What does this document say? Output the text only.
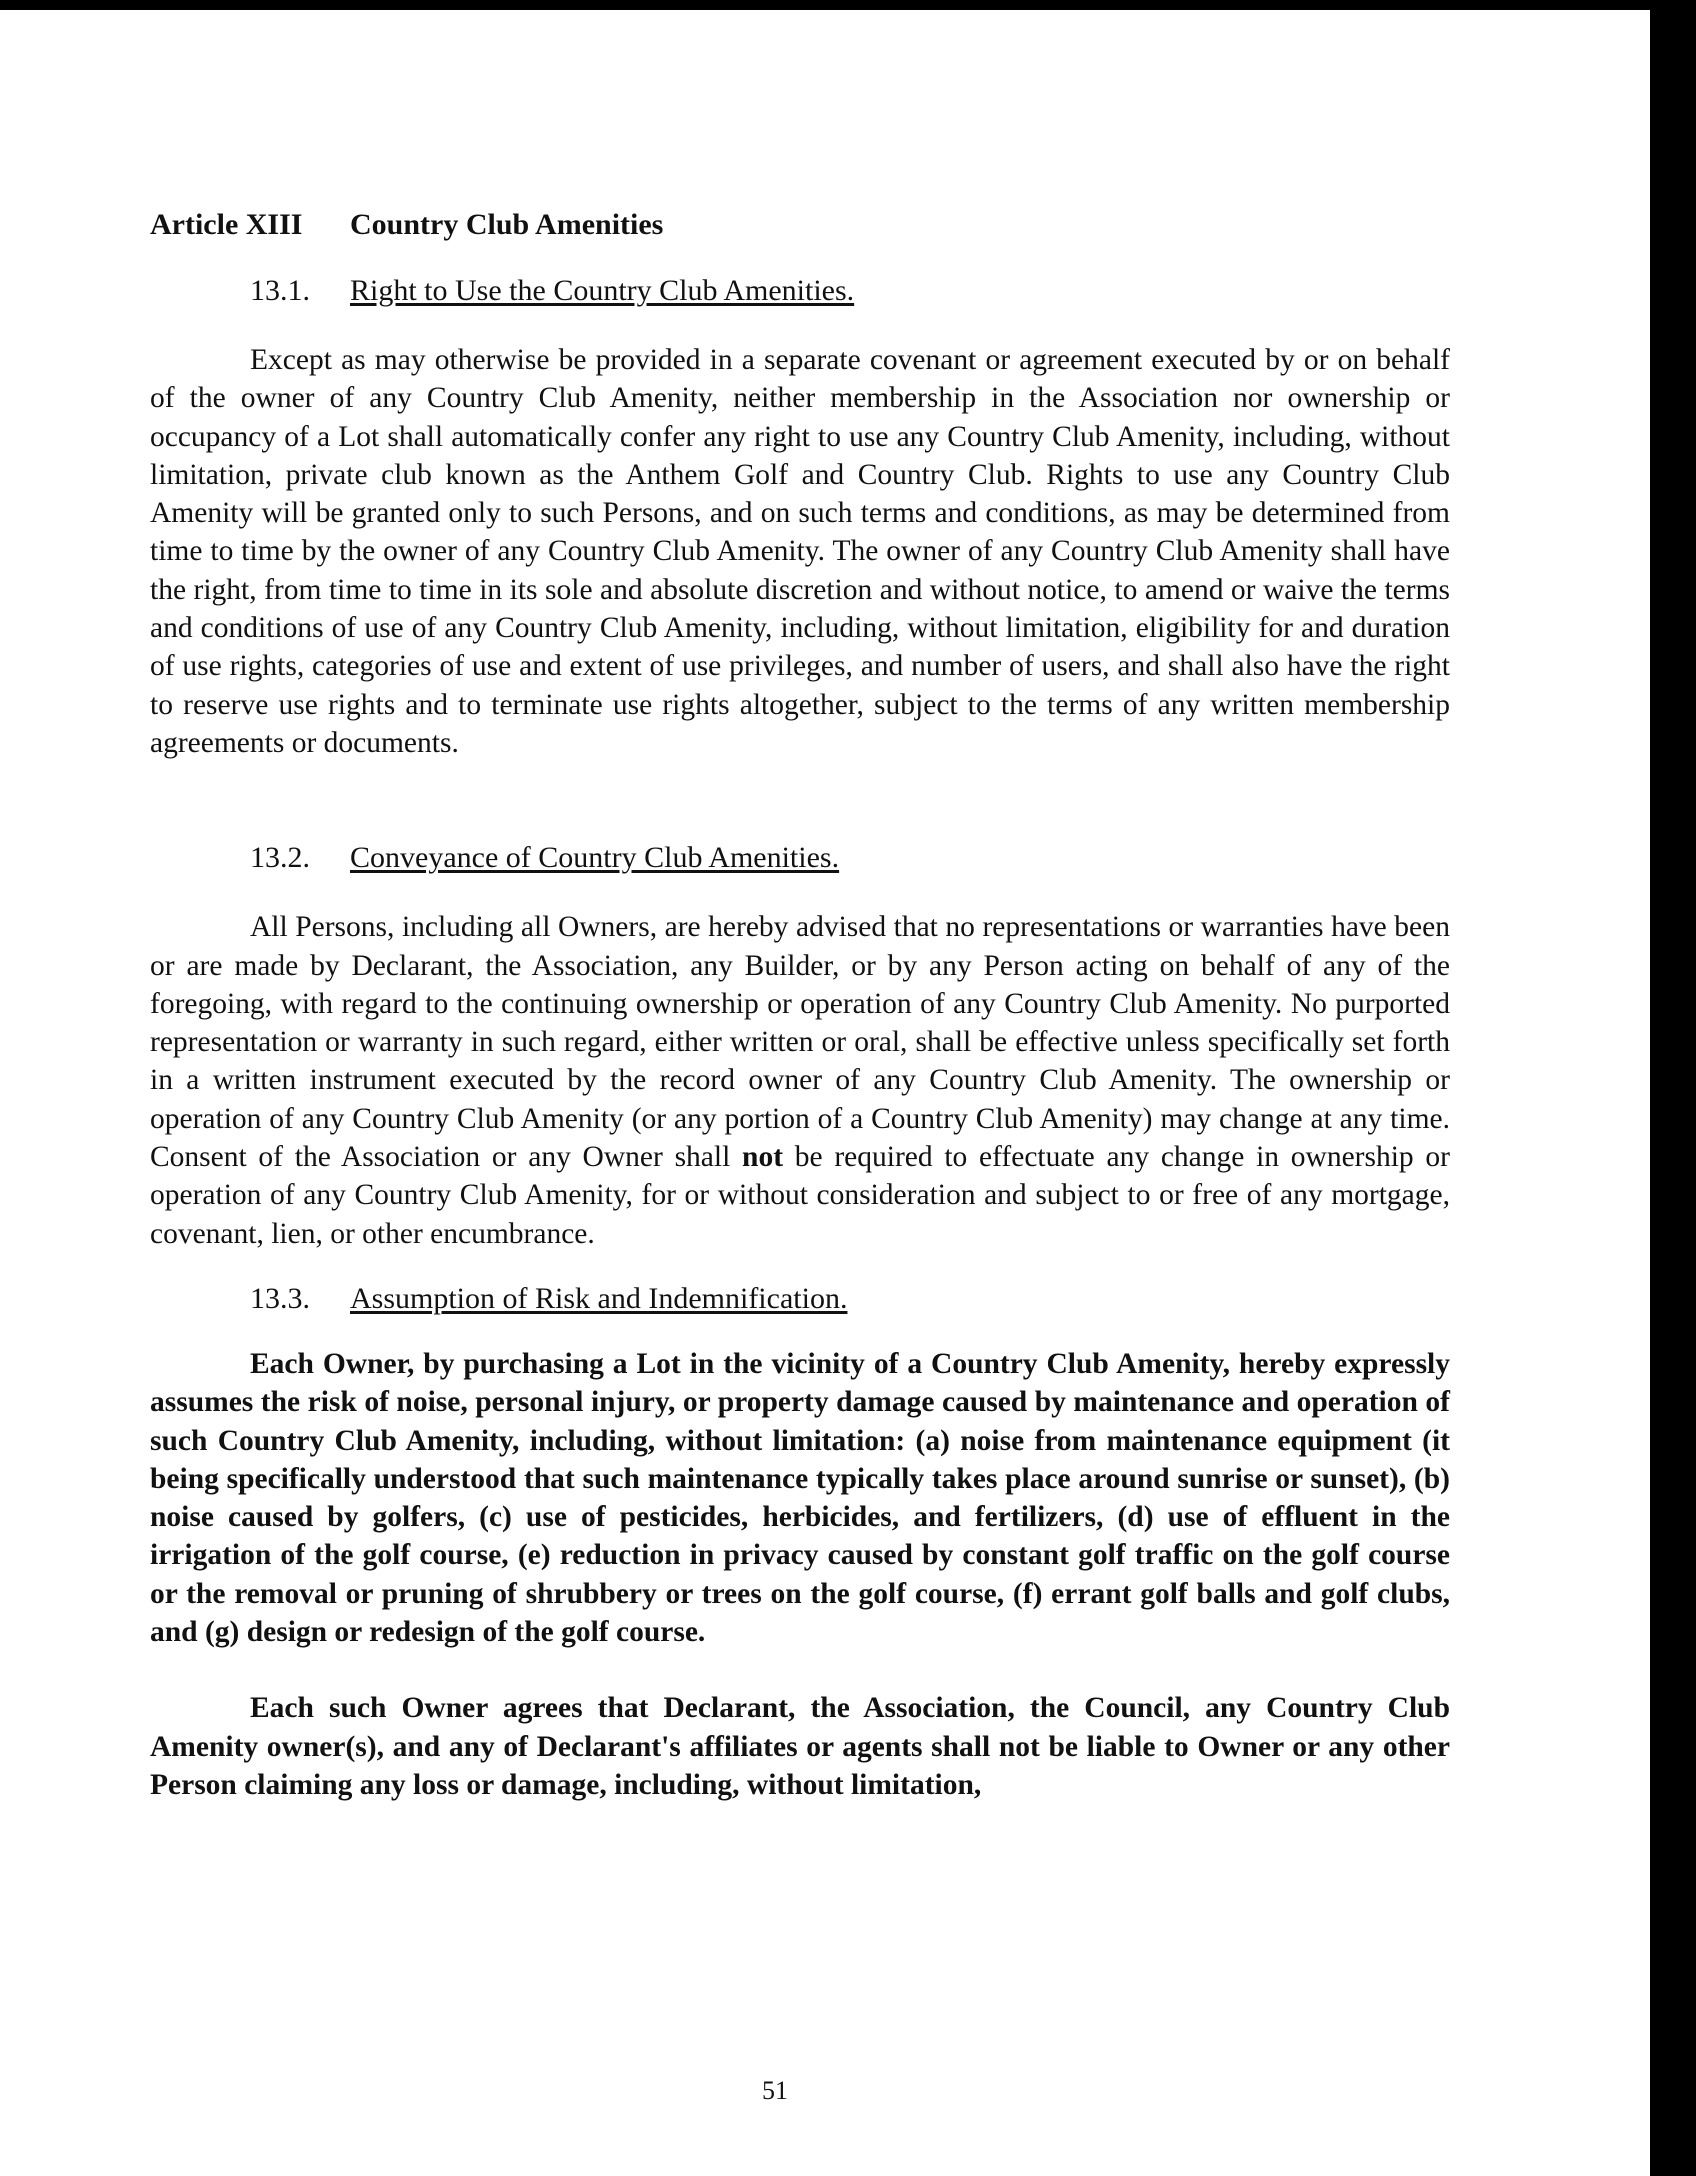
Article XIII Country Club Amenities
13.1. Right to Use the Country Club Amenities.

Except as may otherwise be provided in a separate covenant or agreement executed by or on behalf of the owner of any Country Club Amenity, neither membership in the Association nor ownership or occupancy of a Lot shall automatically confer any right to use any Country Club Amenity, including, without limitation, private club known as the Anthem Golf and Country Club. Rights to use any Country Club Amenity will be granted only to such Persons, and on such terms and conditions, as may be determined from time to time by the owner of any Country Club Amenity. The owner of any Country Club Amenity shall have the right, from time to time in its sole and absolute discretion and without notice, to amend or waive the terms and conditions of use of any Country Club Amenity, including, without limitation, eligibility for and duration of use rights, categories of use and extent of use privileges, and number of users, and shall also have the right to reserve use rights and to terminate use rights altogether, subject to the terms of any written membership agreements or documents.

13.2. Conveyance of Country Club Amenities.

All Persons, including all Owners, are hereby advised that no representations or warranties have been or are made by Declarant, the Association, any Builder, or by any Person acting on behalf of any of the foregoing, with regard to the continuing ownership or operation of any Country Club Amenity. No purported representation or warranty in such regard, either written or oral, shall be effective unless specifically set forth in a written instrument executed by the record owner of any Country Club Amenity. The ownership or operation of any Country Club Amenity (or any portion of a Country Club Amenity) may change at any time. Consent of the Association or any Owner shall not be required to effectuate any change in ownership or operation of any Country Club Amenity, for or without consideration and subject to or free of any mortgage, covenant, lien, or other encumbrance.

13.3. Assumption of Risk and Indemnification.

Each Owner, by purchasing a Lot in the vicinity of a Country Club Amenity, hereby expressly assumes the risk of noise, personal injury, or property damage caused by maintenance and operation of such Country Club Amenity, including, without limitation: (a) noise from maintenance equipment (it being specifically understood that such maintenance typically takes place around sunrise or sunset), (b) noise caused by golfers, (c) use of pesticides, herbicides, and fertilizers, (d) use of effluent in the irrigation of the golf course, (e) reduction in privacy caused by constant golf traffic on the golf course or the removal or pruning of shrubbery or trees on the golf course, (f) errant golf balls and golf clubs, and (g) design or redesign of the golf course.

Each such Owner agrees that Declarant, the Association, the Council, any Country Club Amenity owner(s), and any of Declarant's affiliates or agents shall not be liable to Owner or any other Person claiming any loss or damage, including, without limitation,

51
